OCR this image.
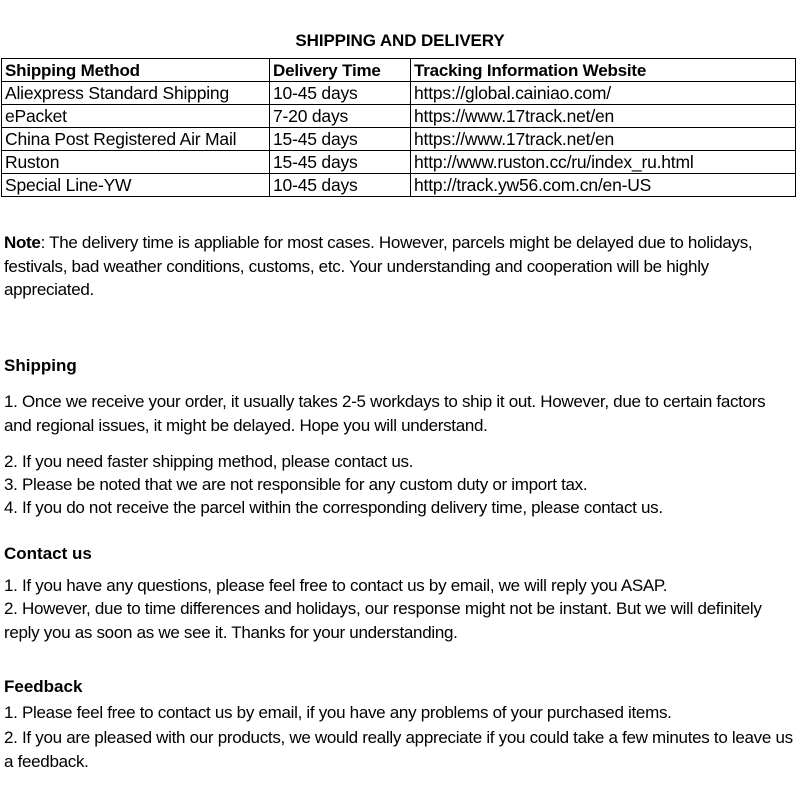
SHIPPING AND DELIVERY
Shipping Method	Delivery Time	Tracking Information Website
Aliexpress Standard Shipping	10-45 days	https://global.cainiao.com/
ePacket	7-20 days	https://www.17track.net/en
China Post Registered Air Mail	15-45 days	https://www.17track.net/en
Ruston	15-45 days	http://www.ruston.cc/ru/index_ru.html
Special Line-YW	10-45 days	http://track.yw56.com.cn/en-US

Note: The delivery time is appliable for most cases. However, parcels might be delayed due to holidays, festivals, bad weather conditions, customs, etc. Your understanding and cooperation will be highly appreciated.

Shipping

1. Once we receive your order, it usually takes 2-5 workdays to ship it out. However, due to certain factors and regional issues, it might be delayed. Hope you will understand.

2. If you need faster shipping method, please contact us.

3. Please be noted that we are not responsible for any custom duty or import tax.

4. If you do not receive the parcel within the corresponding delivery time, please contact us.

Contact us

1. If you have any questions, please feel free to contact us by email, we will reply you ASAP.

2. However, due to time differences and holidays, our response might not be instant. But we will definitely reply you as soon as we see it. Thanks for your understanding.

Feedback

1. Please feel free to contact us by email, if you have any problems of your purchased items.

2. If you are pleased with our products, we would really appreciate if you could take a few minutes to leave us a feedback.
